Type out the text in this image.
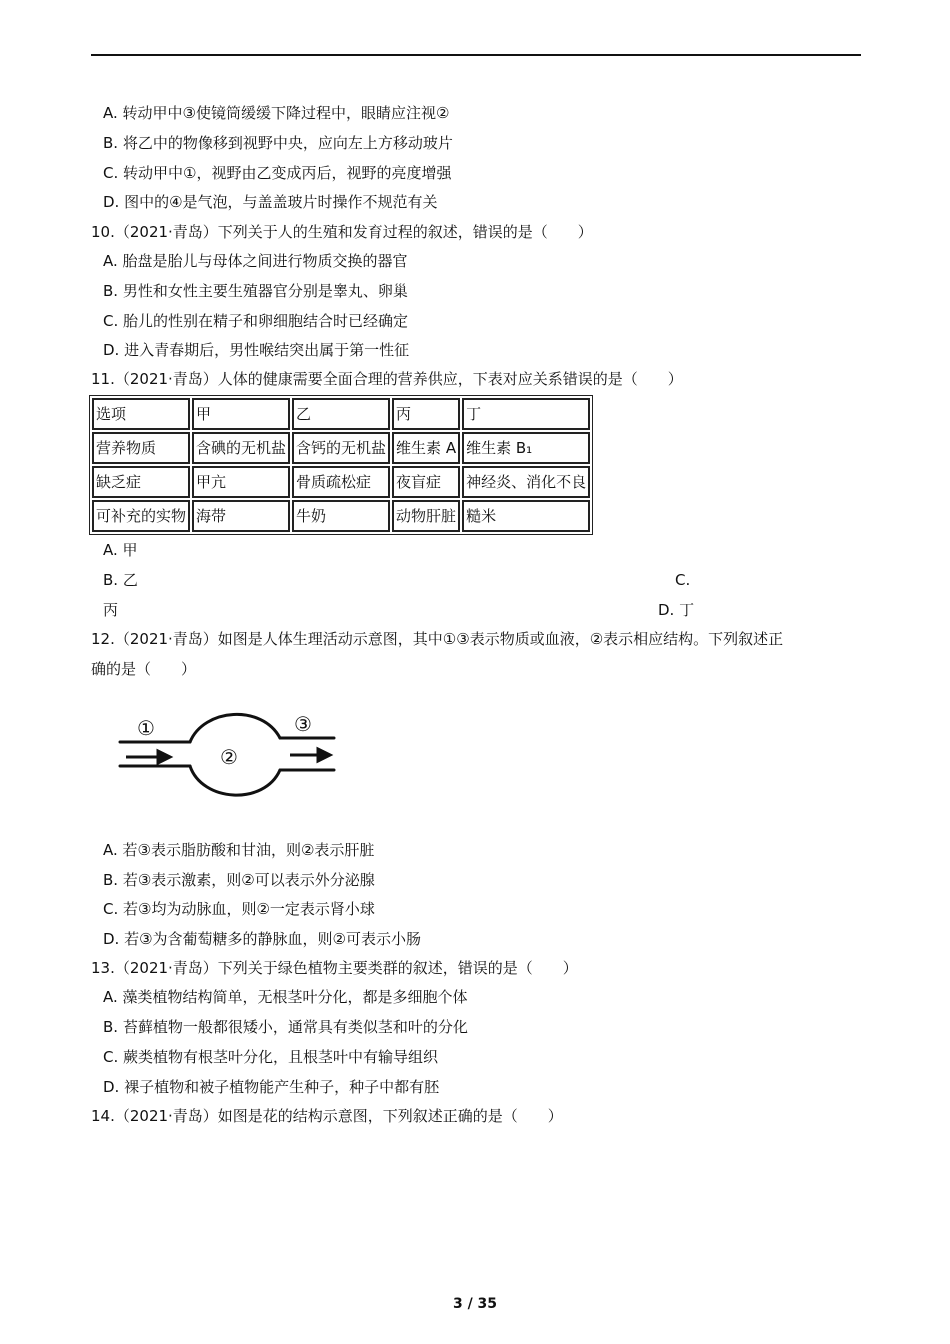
A. 转动甲中③使镜筒缓缓下降过程中，眼睛应注视②
B. 将乙中的物像移到视野中央，应向左上方移动玻片
C. 转动甲中①，视野由乙变成丙后，视野的亮度增强
D. 图中的④是气泡，与盖盖玻片时操作不规范有关
10.（2021·青岛）下列关于人的生殖和发育过程的叙述，错误的是（　　）
A. 胎盘是胎儿与母体之间进行物质交换的器官
B. 男性和女性主要生殖器官分别是睾丸、卵巢
C. 胎儿的性别在精子和卵细胞结合时已经确定
D. 进入青春期后，男性喉结突出属于第一性征
11.（2021·青岛）人体的健康需要全面合理的营养供应，下表对应关系错误的是（　　）
选项	甲	乙	丙	丁
营养物质	含碘的无机盐	含钙的无机盐	维生素 A	维生素 B₁
缺乏症	甲亢	骨质疏松症	夜盲症	神经炎、消化不良
可补充的实物	海带	牛奶	动物肝脏	糙米
A. 甲
B. 乙	C.
丙	D. 丁
12.（2021·青岛）如图是人体生理活动示意图，其中①③表示物质或血液，②表示相应结构。下列叙述正
确的是（　　）
①
②
③
A. 若③表示脂肪酸和甘油，则②表示肝脏
B. 若③表示激素，则②可以表示外分泌腺
C. 若③均为动脉血，则②一定表示肾小球
D. 若③为含葡萄糖多的静脉血，则②可表示小肠
13.（2021·青岛）下列关于绿色植物主要类群的叙述，错误的是（　　）
A. 藻类植物结构简单，无根茎叶分化，都是多细胞个体
B. 苔藓植物一般都很矮小，通常具有类似茎和叶的分化
C. 蕨类植物有根茎叶分化，且根茎叶中有输导组织
D. 裸子植物和被子植物能产生种子，种子中都有胚
14.（2021·青岛）如图是花的结构示意图，下列叙述正确的是（　　）
3 / 35
